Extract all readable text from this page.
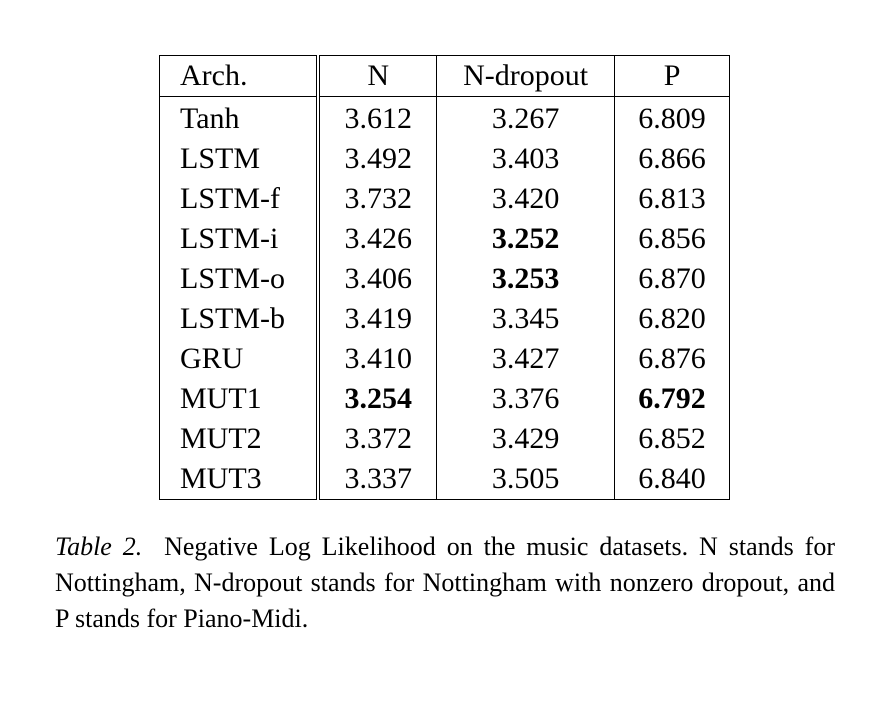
Arch.	N	N-dropout	P
Tanh	3.612	3.267	6.809
LSTM	3.492	3.403	6.866
LSTM-f	3.732	3.420	6.813
LSTM-i	3.426	3.252	6.856
LSTM-o	3.406	3.253	6.870
LSTM-b	3.419	3.345	6.820
GRU	3.410	3.427	6.876
MUT1	3.254	3.376	6.792
MUT2	3.372	3.429	6.852
MUT3	3.337	3.505	6.840

Table 2. Negative Log Likelihood on the music datasets. N stands for Nottingham, N-dropout stands for Nottingham with nonzero dropout, and P stands for Piano-Midi.
